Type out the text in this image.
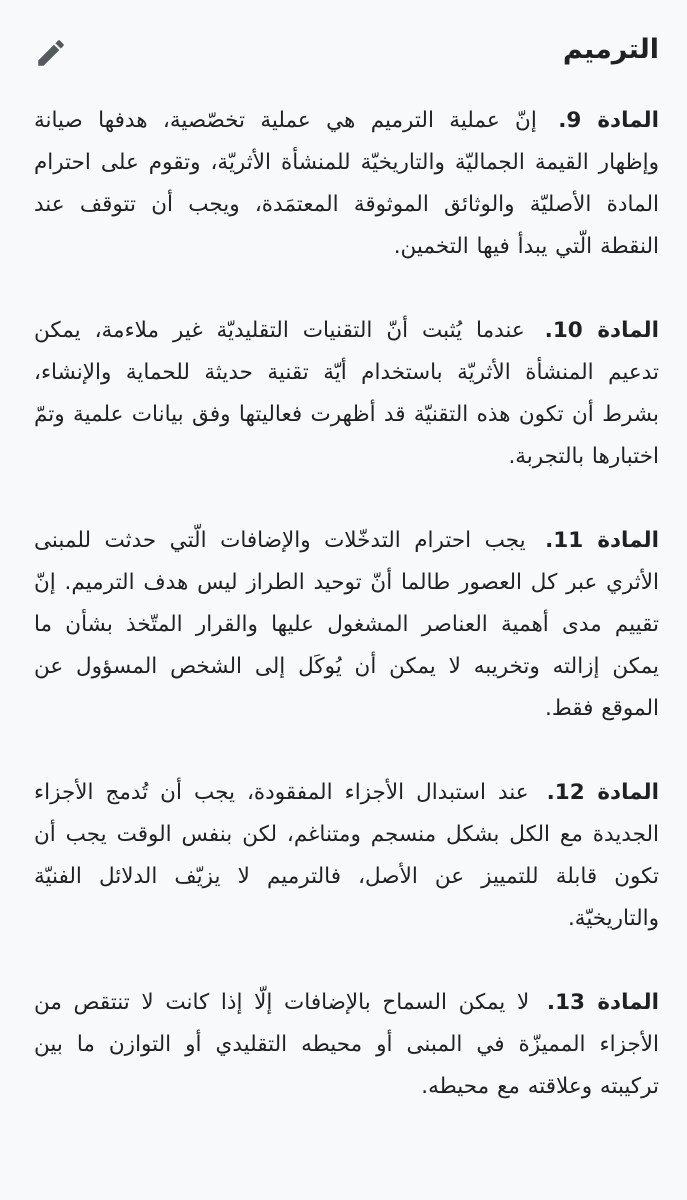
الترميم

المادة 9. إنّ عملية الترميم هي عملية تخصّصية، هدفها صيانة وإظهار القيمة الجماليّة والتاريخيّة للمنشأة الأثريّة، وتقوم على احترام المادة الأصليّة والوثائق الموثوقة المعتمَدة، ويجب أن تتوقف عند النقطة الّتي يبدأ فيها التخمين.

المادة 10. عندما يُثبت أنّ التقنيات التقليديّة غير ملاءمة، يمكن تدعيم المنشأة الأثريّة باستخدام أيّة تقنية حديثة للحماية والإنشاء، بشرط أن تكون هذه التقنيّة قد أظهرت فعاليتها وفق بيانات علمية وتمّ اختبارها بالتجربة.

المادة 11. يجب احترام التدخّلات والإضافات الّتي حدثت للمبنى الأثري عبر كل العصور طالما أنّ توحيد الطراز ليس هدف الترميم. إنّ تقييم مدى أهمية العناصر المشغول عليها والقرار المتّخذ بشأن ما يمكن إزالته وتخريبه لا يمكن أن يُوكَل إلى الشخص المسؤول عن الموقع فقط.

المادة 12. عند استبدال الأجزاء المفقودة، يجب أن تُدمج الأجزاء الجديدة مع الكل بشكل منسجم ومتناغم، لكن بنفس الوقت يجب أن تكون قابلة للتمييز عن الأصل، فالترميم لا يزيّف الدلائل الفنيّة والتاريخيّة.

المادة 13. لا يمكن السماح بالإضافات إلّا إذا كانت لا تنتقص من الأجزاء المميزّة في المبنى أو محيطه التقليدي أو التوازن ما بين تركيبته وعلاقته مع محيطه.
